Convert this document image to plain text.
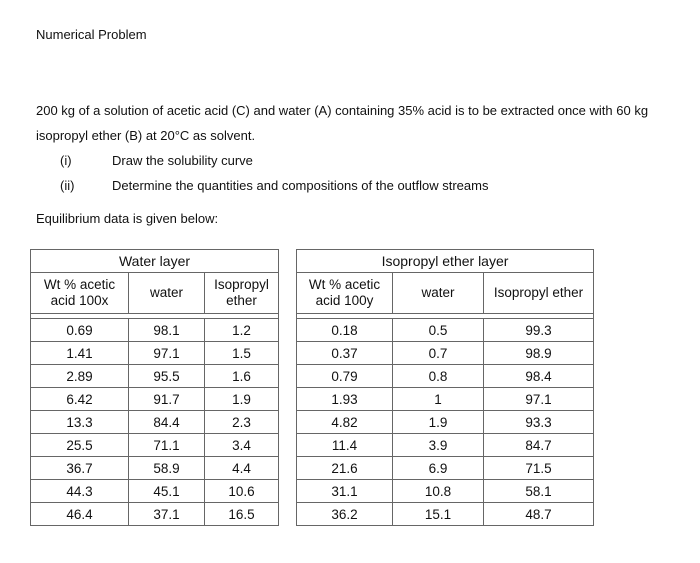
Numerical Problem

200 kg of a solution of acetic acid (C) and water (A) containing 35% acid is to be extracted once with 60 kg isopropyl ether (B) at 20°C as solvent.

(i)	Draw the solubility curve
(ii)	Determine the quantities and compositions of the outflow streams
Equilibrium data is given below:
Water layer		
Wt % acetic acid 100x	water	Isopropyl ether

0.69	98.1	1.2
1.41	97.1	1.5
2.89	95.5	1.6
6.42	91.7	1.9
13.3	84.4	2.3
25.5	71.1	3.4
36.7	58.9	4.4
44.3	45.1	10.6
46.4	37.1	16.5
Isopropyl ether layer		
Wt % acetic acid 100y	water	Isopropyl ether

0.18	0.5	99.3
0.37	0.7	98.9
0.79	0.8	98.4
1.93	1	97.1
4.82	1.9	93.3
11.4	3.9	84.7
21.6	6.9	71.5
31.1	10.8	58.1
36.2	15.1	48.7
